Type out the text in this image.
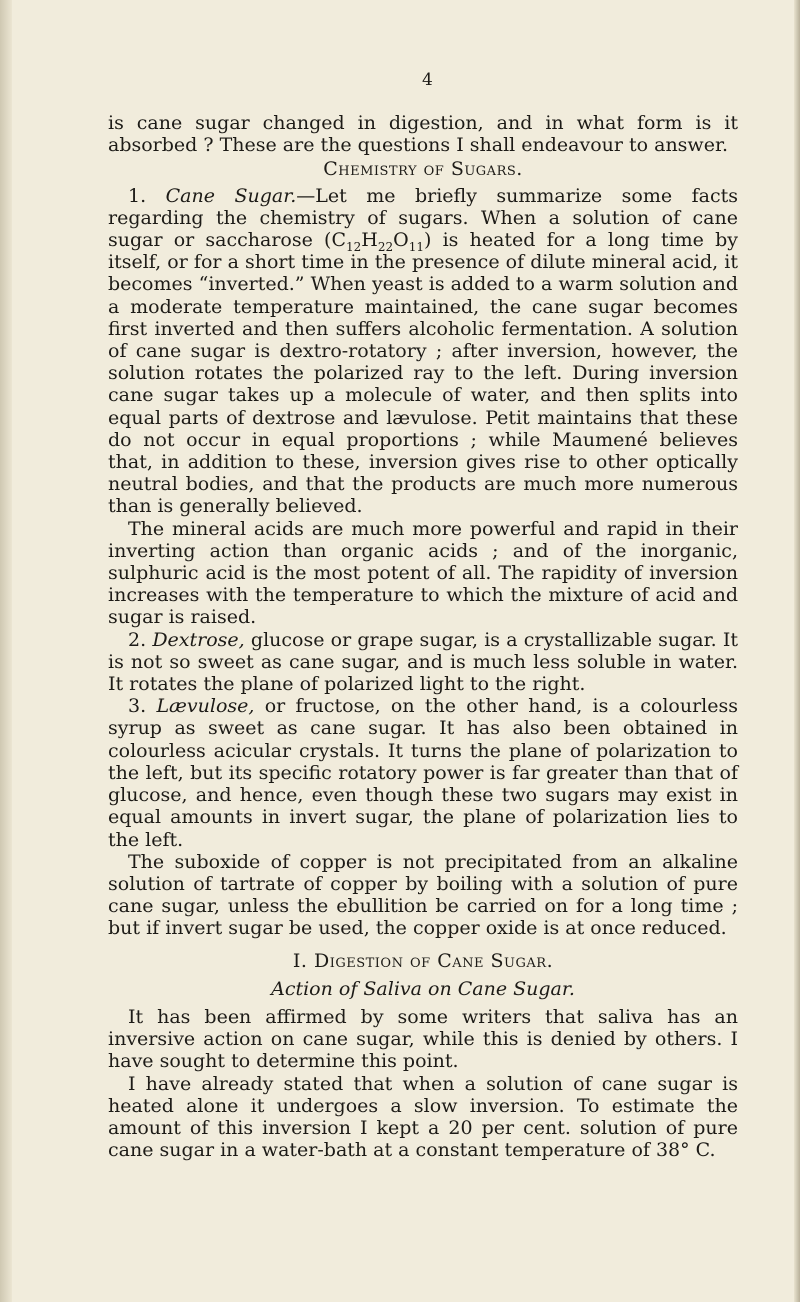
4

is cane sugar changed in digestion, and in what form is it absorbed ? These are the questions I shall endeavour to answer.

Chemistry of Sugars.

1. Cane Sugar.—Let me briefly summarize some facts regarding the chemistry of sugars. When a solution of cane sugar or saccharose $(C_{12}H_{22}O_{11})$ is heated for a long time by itself, or for a short time in the presence of dilute mineral acid, it becomes “inverted.” When yeast is added to a warm solution and a moderate temperature maintained, the cane sugar becomes first inverted and then suffers alcoholic fermentation. A solution of cane sugar is dextro-rotatory ; after inversion, however, the solution rotates the polarized ray to the left. During inversion cane sugar takes up a molecule of water, and then splits into equal parts of dextrose and lævulose. Petit maintains that these do not occur in equal proportions ; while Maumené believes that, in addition to these, inversion gives rise to other optically neutral bodies, and that the products are much more numerous than is generally believed.

The mineral acids are much more powerful and rapid in their inverting action than organic acids ; and of the inorganic, sulphuric acid is the most potent of all. The rapidity of inversion increases with the temperature to which the mixture of acid and sugar is raised.

2. Dextrose, glucose or grape sugar, is a crystallizable sugar. It is not so sweet as cane sugar, and is much less soluble in water. It rotates the plane of polarized light to the right.

3. Lævulose, or fructose, on the other hand, is a colourless syrup as sweet as cane sugar. It has also been obtained in colourless acicular crystals. It turns the plane of polarization to the left, but its specific rotatory power is far greater than that of glucose, and hence, even though these two sugars may exist in equal amounts in invert sugar, the plane of polarization lies to the left.

The suboxide of copper is not precipitated from an alkaline solution of tartrate of copper by boiling with a solution of pure cane sugar, unless the ebullition be carried on for a long time ; but if invert sugar be used, the copper oxide is at once reduced.

I. Digestion of Cane Sugar.
Action of Saliva on Cane Sugar.

It has been affirmed by some writers that saliva has an inversive action on cane sugar, while this is denied by others. I have sought to determine this point.

I have already stated that when a solution of cane sugar is heated alone it undergoes a slow inversion. To estimate the amount of this inversion I kept a 20 per cent. solution of pure cane sugar in a water-bath at a constant temperature of 38° C.
